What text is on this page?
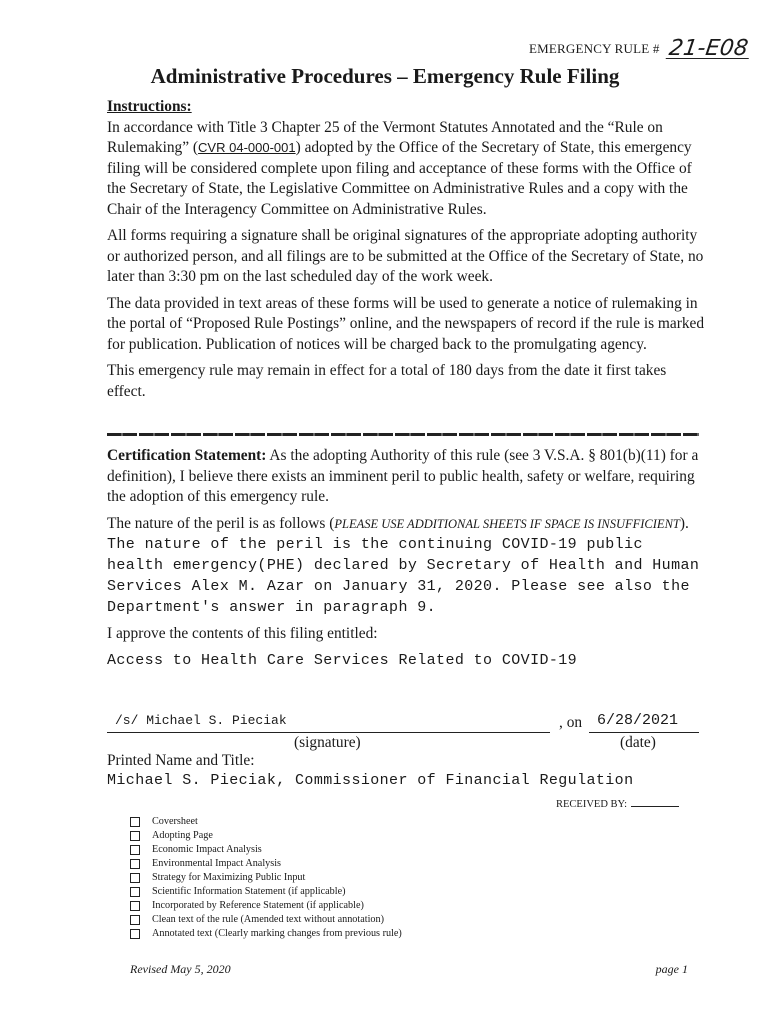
EMERGENCY RULE # 21-E08
Administrative Procedures – Emergency Rule Filing
Instructions:

In accordance with Title 3 Chapter 25 of the Vermont Statutes Annotated and the “Rule on Rulemaking” (CVR 04-000-001) adopted by the Office of the Secretary of State, this emergency filing will be considered complete upon filing and acceptance of these forms with the Office of the Secretary of State, the Legislative Committee on Administrative Rules and a copy with the Chair of the Interagency Committee on Administrative Rules.

All forms requiring a signature shall be original signatures of the appropriate adopting authority or authorized person, and all filings are to be submitted at the Office of the Secretary of State, no later than 3:30 pm on the last scheduled day of the work week.

The data provided in text areas of these forms will be used to generate a notice of rulemaking in the portal of “Proposed Rule Postings” online, and the newspapers of record if the rule is marked for publication. Publication of notices will be charged back to the promulgating agency.

This emergency rule may remain in effect for a total of 180 days from the date it first takes effect.

Certification Statement: As the adopting Authority of this rule (see 3 V.S.A. § 801(b)(11) for a definition), I believe there exists an imminent peril to public health, safety or welfare, requiring the adoption of this emergency rule.

The nature of the peril is as follows (PLEASE USE ADDITIONAL SHEETS IF SPACE IS INSUFFICIENT). The nature of the peril is the continuing COVID-19 public health emergency(PHE) declared by Secretary of Health and Human Services Alex M. Azar on January 31, 2020. Please see also the Department's answer in paragraph 9.

I approve the contents of this filing entitled:

Access to Health Care Services Related to COVID-19
/s/ Michael S. Pieciak	, on 6/28/2021
(signature)	(date)
Printed Name and Title:
Michael S. Pieciak, Commissioner of Financial Regulation
RECEIVED BY:
Coversheet
Adopting Page
Economic Impact Analysis
Environmental Impact Analysis
Strategy for Maximizing Public Input
Scientific Information Statement (if applicable)
Incorporated by Reference Statement (if applicable)
Clean text of the rule (Amended text without annotation)
Annotated text (Clearly marking changes from previous rule)
Revised May 5, 2020	page 1
